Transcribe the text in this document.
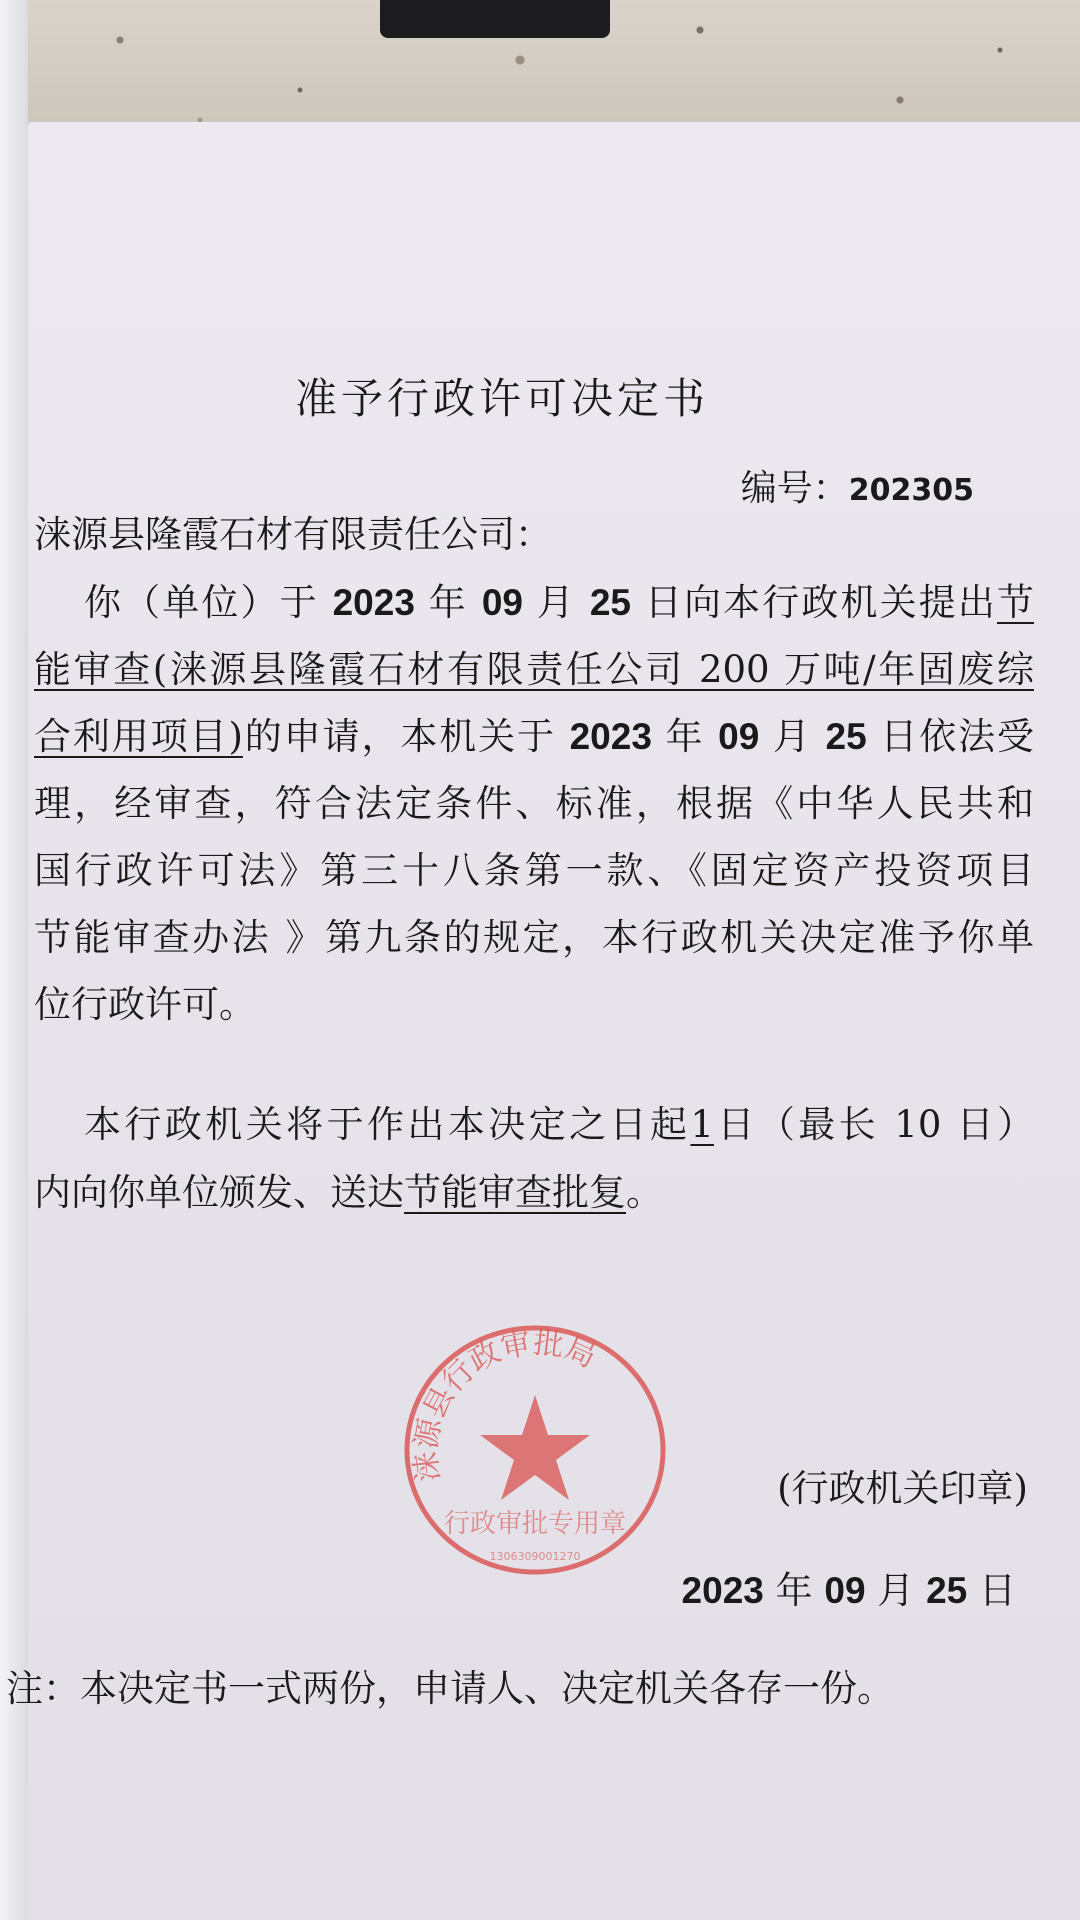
准予行政许可决定书
编号：202305
涞源县隆霞石材有限责任公司：
你（单位）于 2023 年 09 月 25 日向本行政机关提出节
能审查(涞源县隆霞石材有限责任公司 200 万吨/年固废综
合利用项目)的申请，本机关于 2023 年 09 月 25 日依法受
理，经审查，符合法定条件、标准，根据《中华人民共和
国行政许可法》第三十八条第一款、《固定资产投资项目
节能审查办法 》第九条的规定，本行政机关决定准予你单
位行政许可。
本行政机关将于作出本决定之日起1日（最长 10 日）
内向你单位颁发、送达节能审查批复。
涞源县行政审批局
行政审批专用章
1306309001270
(行政机关印章)
2023 年 09 月 25 日
注：本决定书一式两份，申请人、决定机关各存一份。
